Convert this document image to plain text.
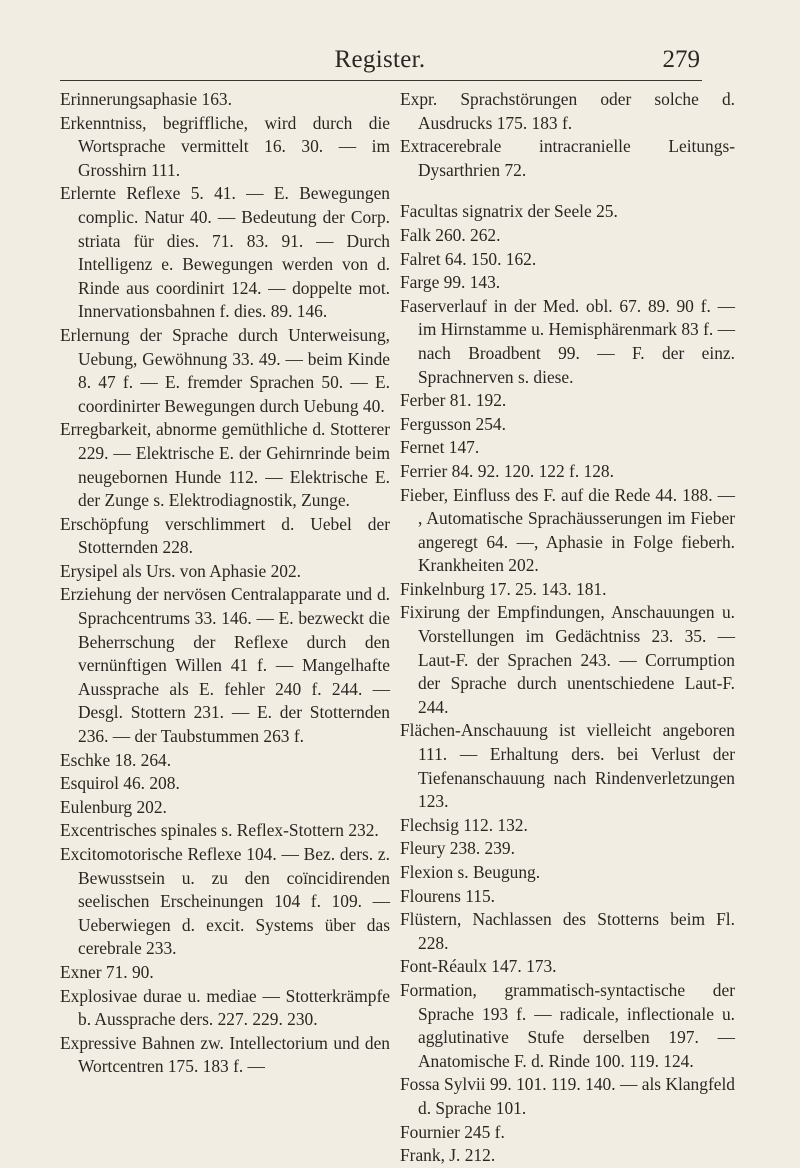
Register.	279

Erinnerungsaphasie 163.

Erkenntniss, begriffliche, wird durch die Wortsprache vermittelt 16. 30. — im Grosshirn 111.

Erlernte Reflexe 5. 41. — E. Bewegungen complic. Natur 40. — Bedeutung der Corp. striata für dies. 71. 83. 91. — Durch Intelligenz e. Bewegungen werden von d. Rinde aus coordinirt 124. — doppelte mot. Innervationsbahnen f. dies. 89. 146.

Erlernung der Sprache durch Unterweisung, Uebung, Gewöhnung 33. 49. — beim Kinde 8. 47 f. — E. fremder Sprachen 50. — E. coordinirter Bewegungen durch Uebung 40.

Erregbarkeit, abnorme gemüthliche d. Stotterer 229. — Elektrische E. der Gehirnrinde beim neugebornen Hunde 112. — Elektrische E. der Zunge s. Elektrodiagnostik, Zunge.

Erschöpfung verschlimmert d. Uebel der Stotternden 228.

Erysipel als Urs. von Aphasie 202.

Erziehung der nervösen Centralapparate und d. Sprachcentrums 33. 146. — E. bezweckt die Beherrschung der Reflexe durch den vernünftigen Willen 41 f. — Mangelhafte Aussprache als E. fehler 240 f. 244. — Desgl. Stottern 231. — E. der Stotternden 236. — der Taubstummen 263 f.

Eschke 18. 264.

Esquirol 46. 208.

Eulenburg 202.

Excentrisches spinales s. Reflex-Stottern 232.

Excitomotorische Reflexe 104. — Bez. ders. z. Bewusstsein u. zu den coïncidirenden seelischen Erscheinungen 104 f. 109. — Ueberwiegen d. excit. Systems über das cerebrale 233.

Exner 71. 90.

Explosivae durae u. mediae — Stotterkrämpfe b. Aussprache ders. 227. 229. 230.

Expressive Bahnen zw. Intellectorium und den Wortcentren 175. 183 f. —

Expr. Sprachstörungen oder solche d. Ausdrucks 175. 183 f.

Extracerebrale intracranielle Leitungs-Dysarthrien 72.

Facultas signatrix der Seele 25.

Falk 260. 262.

Falret 64. 150. 162.

Farge 99. 143.

Faserverlauf in der Med. obl. 67. 89. 90 f. — im Hirnstamme u. Hemisphärenmark 83 f. — nach Broadbent 99. — F. der einz. Sprachnerven s. diese.

Ferber 81. 192.

Fergusson 254.

Fernet 147.

Ferrier 84. 92. 120. 122 f. 128.

Fieber, Einfluss des F. auf die Rede 44. 188. — , Automatische Sprachäusserungen im Fieber angeregt 64. —, Aphasie in Folge fieberh. Krankheiten 202.

Finkelnburg 17. 25. 143. 181.

Fixirung der Empfindungen, Anschauungen u. Vorstellungen im Gedächtniss 23. 35. — Laut-F. der Sprachen 243. — Corrumption der Sprache durch unentschiedene Laut-F. 244.

Flächen-Anschauung ist vielleicht angeboren 111. — Erhaltung ders. bei Verlust der Tiefenanschauung nach Rindenverletzungen 123.

Flechsig 112. 132.

Fleury 238. 239.

Flexion s. Beugung.

Flourens 115.

Flüstern, Nachlassen des Stotterns beim Fl. 228.

Font-Réaulx 147. 173.

Formation, grammatisch-syntactische der Sprache 193 f. — radicale, inflectionale u. agglutinative Stufe derselben 197. — Anatomische F. d. Rinde 100. 119. 124.

Fossa Sylvii 99. 101. 119. 140. — als Klangfeld d. Sprache 101.

Fournier 245 f.

Frank, J. 212.
